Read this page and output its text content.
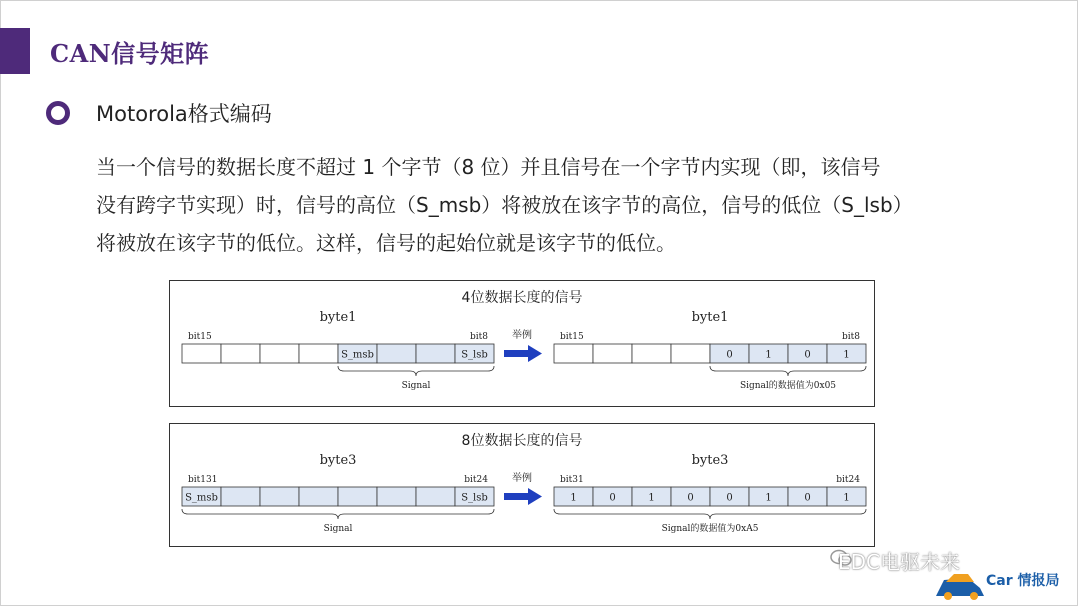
CAN信号矩阵
Motorola格式编码
当一个信号的数据长度不超过 1 个字节（8 位）并且信号在一个字节内实现（即，该信号
没有跨字节实现）时，信号的高位（S_msb）将被放在该字节的高位，信号的低位（S_lsb）
将被放在该字节的低位。这样，信号的起始位就是该字节的低位。
4位数据长度的信号
byte1	byte1
bit15	bit8	bit15	bit8
S_msb	S_lsb	0	1	0	1
举例
Signal	Signal的数据值为0x05
8位数据长度的信号
byte3	byte3
bit131	bit24	bit31	bit24
S_msb	S_lsb	1	0	1	0	0	1	0	1
举例
Signal	Signal的数据值为0xA5
EDC电驱未来
Car 情报局
